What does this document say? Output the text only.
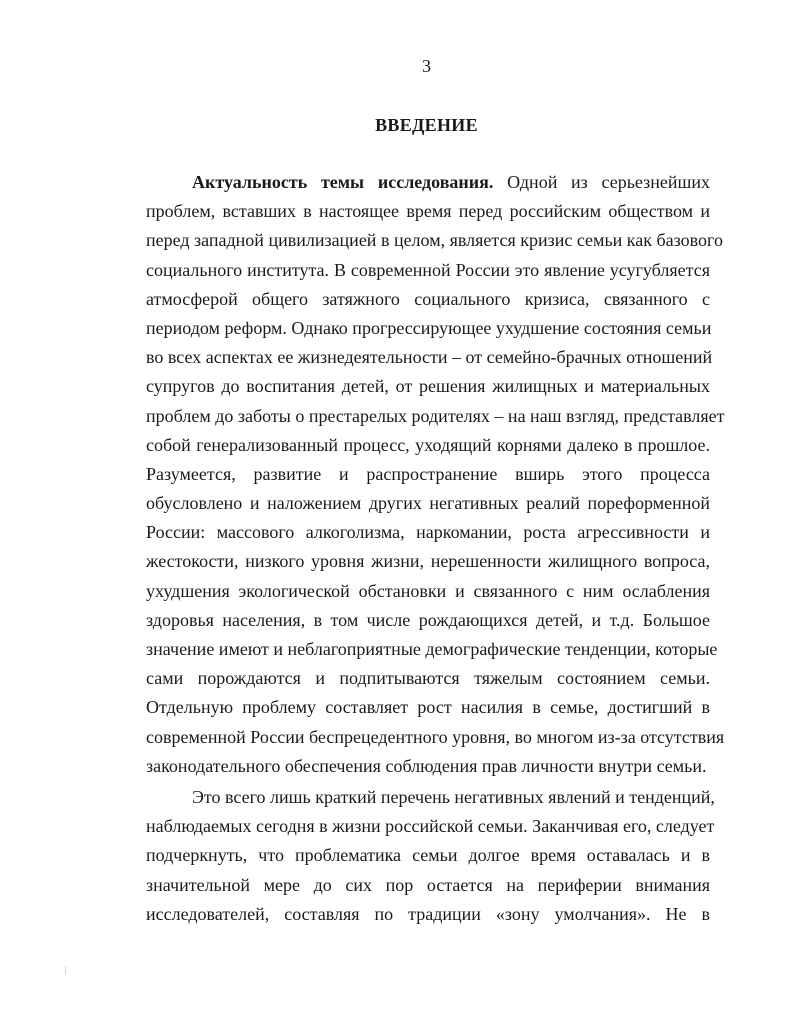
3
ВВЕДЕНИЕ
Актуальность темы исследования. Одной из серьезнейших
проблем, вставших в настоящее время перед российским обществом и
перед западной цивилизацией в целом, является кризис семьи как базового
социального института. В современной России это явление усугубляется
атмосферой общего затяжного социального кризиса, связанного с
периодом реформ. Однако прогрессирующее ухудшение состояния семьи
во всех аспектах ее жизнедеятельности – от семейно-брачных отношений
супругов до воспитания детей, от решения жилищных и материальных
проблем до заботы о престарелых родителях – на наш взгляд, представляет
собой генерализованный процесс, уходящий корнями далеко в прошлое.
Разумеется, развитие и распространение вширь этого процесса
обусловлено и наложением других негативных реалий пореформенной
России: массового алкоголизма, наркомании, роста агрессивности и
жестокости, низкого уровня жизни, нерешенности жилищного вопроса,
ухудшения экологической обстановки и связанного с ним ослабления
здоровья населения, в том числе рождающихся детей, и т.д. Большое
значение имеют и неблагоприятные демографические тенденции, которые
сами порождаются и подпитываются тяжелым состоянием семьи.
Отдельную проблему составляет рост насилия в семье, достигший в
современной России беспрецедентного уровня, во многом из-за отсутствия
законодательного обеспечения соблюдения прав личности внутри семьи.
Это всего лишь краткий перечень негативных явлений и тенденций,
наблюдаемых сегодня в жизни российской семьи. Заканчивая его, следует
подчеркнуть, что проблематика семьи долгое время оставалась и в
значительной мере до сих пор остается на периферии внимания
исследователей, составляя по традиции «зону умолчания». Не в
